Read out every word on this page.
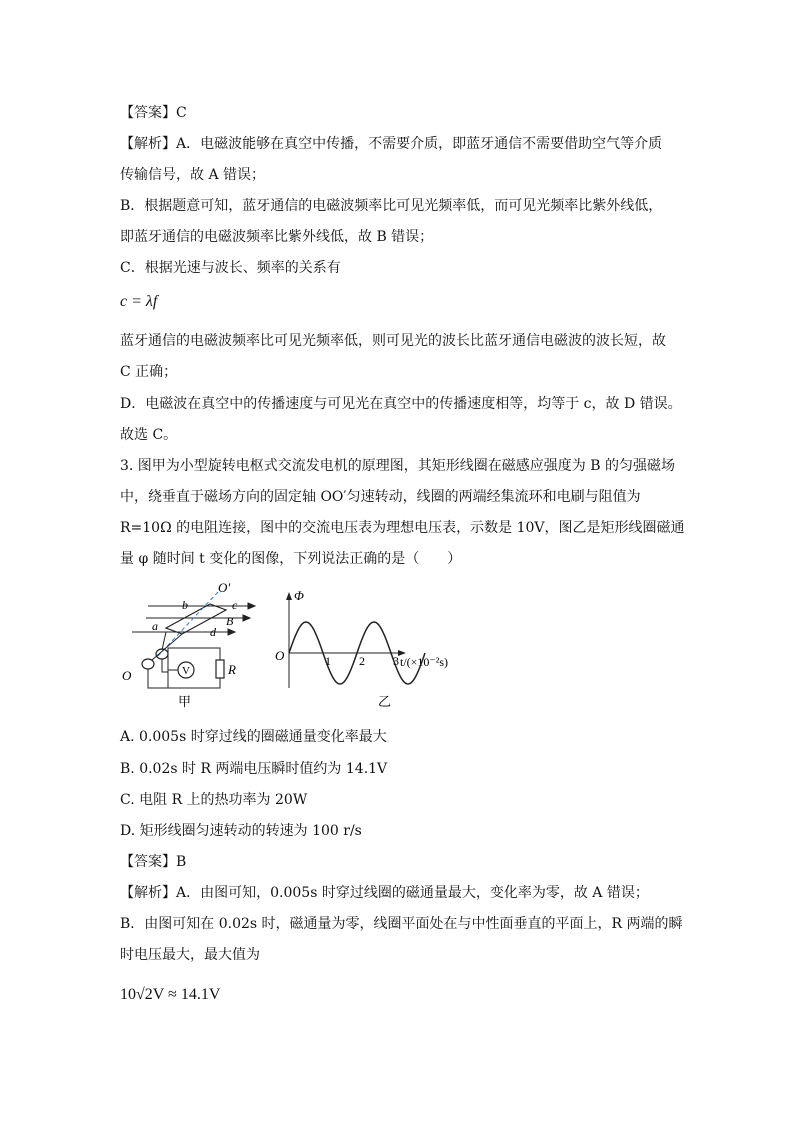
【答案】C
【解析】A．电磁波能够在真空中传播，不需要介质，即蓝牙通信不需要借助空气等介质
传输信号，故 A 错误；
B．根据题意可知，蓝牙通信的电磁波频率比可见光频率低，而可见光频率比紫外线低，
即蓝牙通信的电磁波频率比紫外线低，故 B 错误；
C．根据光速与波长、频率的关系有
c = λf
蓝牙通信的电磁波频率比可见光频率低，则可见光的波长比蓝牙通信电磁波的波长短，故
C 正确；
D．电磁波在真空中的传播速度与可见光在真空中的传播速度相等，均等于 c，故 D 错误。
故选 C。
3. 图甲为小型旋转电枢式交流发电机的原理图，其矩形线圈在磁感应强度为 B 的匀强磁场
中，绕垂直于磁场方向的固定轴 OO′匀速转动，线圈的两端经集流环和电刷与阻值为
R=10Ω 的电阻连接，图中的交流电压表为理想电压表，示数是 10V，图乙是矩形线圈磁通
量 φ 随时间 t 变化的图像，下列说法正确的是（　　）
O′
b	c
B
a	d
V	R
O
甲
Φ
O	t/(×10⁻²s)
1 2 3
乙
A. 0.005s 时穿过线的圈磁通量变化率最大
B. 0.02s 时 R 两端电压瞬时值约为 14.1V
C. 电阻 R 上的热功率为 20W
D. 矩形线圈匀速转动的转速为 100 r/s
【答案】B
【解析】A．由图可知，0.005s 时穿过线圈的磁通量最大，变化率为零，故 A 错误；
B．由图可知在 0.02s 时，磁通量为零，线圈平面处在与中性面垂直的平面上，R 两端的瞬
时电压最大，最大值为
10√2V ≈ 14.1V
